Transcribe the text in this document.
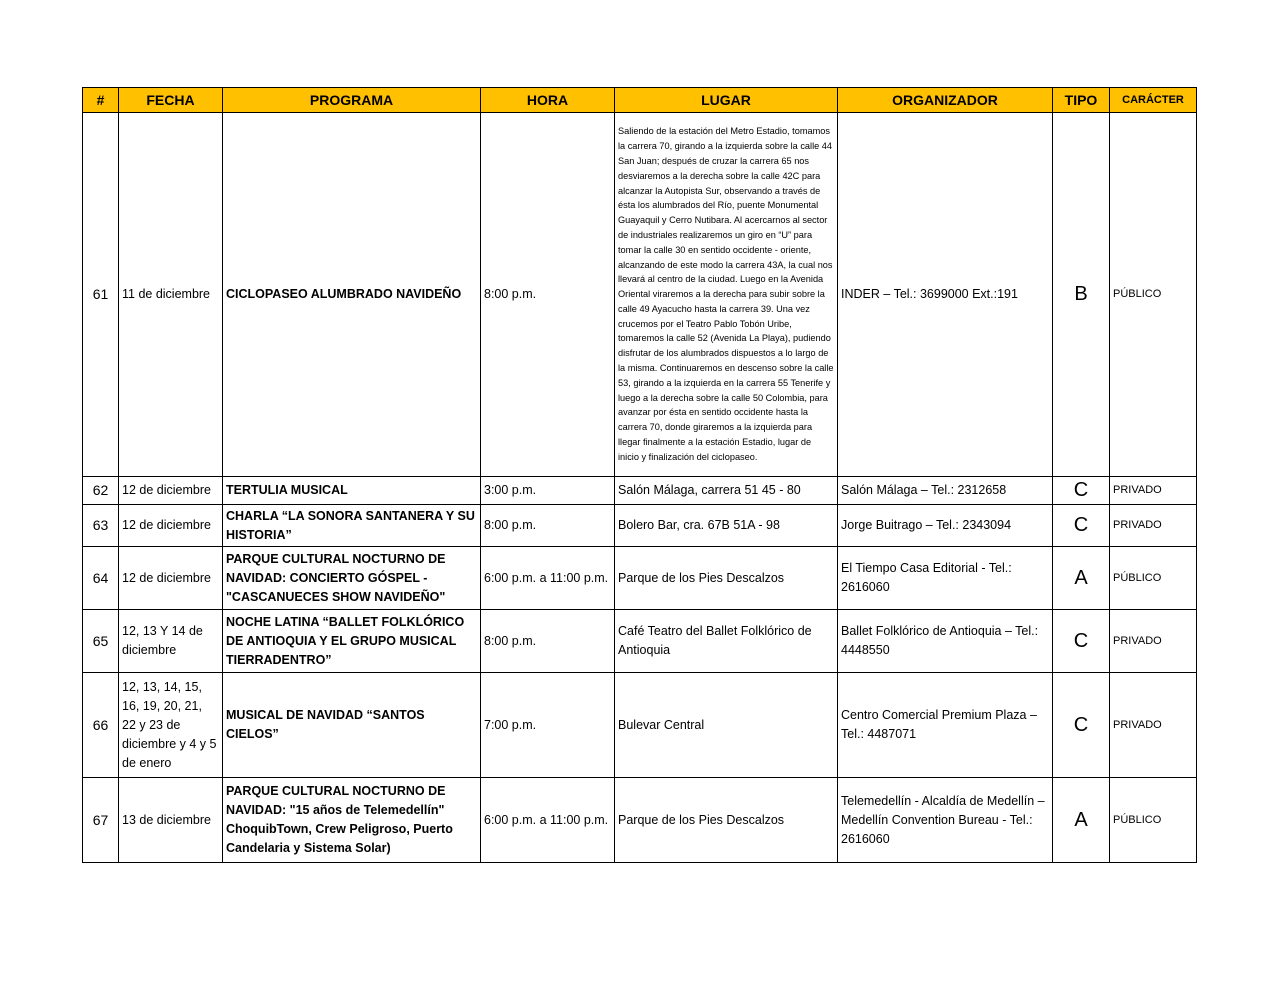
#	FECHA	PROGRAMA	HORA	LUGAR	ORGANIZADOR	TIPO	CARÁCTER
61	11 de diciembre	CICLOPASEO ALUMBRADO NAVIDEÑO	8:00 p.m.	Saliendo de la estación del Metro Estadio, tomamos la carrera 70, girando a la izquierda sobre la calle 44 San Juan; después de cruzar la carrera 65 nos desviaremos a la derecha sobre la calle 42C para alcanzar la Autopista Sur, observando a través de ésta los alumbrados del Río, puente Monumental Guayaquil y Cerro Nutibara. Al acercarnos al sector de industriales realizaremos un giro en “U” para tomar la calle 30 en sentido occidente - oriente, alcanzando de este modo la carrera 43A, la cual nos llevará al centro de la ciudad. Luego en la Avenida Oriental viraremos a la derecha para subir sobre la calle 49 Ayacucho hasta la carrera 39. Una vez crucemos por el Teatro Pablo Tobón Uribe, tomaremos la calle 52 (Avenida La Playa), pudiendo disfrutar de los alumbrados dispuestos a lo largo de la misma. Continuaremos en descenso sobre la calle 53, girando a la izquierda en la carrera 55 Tenerife y luego a la derecha sobre la calle 50 Colombia, para avanzar por ésta en sentido occidente hasta la carrera 70, donde giraremos a la izquierda para llegar finalmente a la estación Estadio, lugar de inicio y finalización del ciclopaseo.	INDER – Tel.: 3699000 Ext.:191	B	PÚBLICO
62	12 de diciembre	TERTULIA MUSICAL	3:00 p.m.	Salón Málaga, carrera 51 45 - 80	Salón Málaga – Tel.: 2312658	C	PRIVADO
63	12 de diciembre	CHARLA “LA SONORA SANTANERA Y SU HISTORIA”	8:00 p.m.	Bolero Bar, cra. 67B 51A - 98	Jorge Buitrago – Tel.: 2343094	C	PRIVADO
64	12 de diciembre	PARQUE CULTURAL NOCTURNO DE NAVIDAD: CONCIERTO GÓSPEL - "CASCANUECES SHOW NAVIDEÑO"	6:00 p.m. a 11:00 p.m.	Parque de los Pies Descalzos	El Tiempo Casa Editorial - Tel.: 2616060	A	PÚBLICO
65	12, 13 Y 14 de diciembre	NOCHE LATINA “BALLET FOLKLÓRICO DE ANTIOQUIA Y EL GRUPO MUSICAL TIERRADENTRO”	8:00 p.m.	Café Teatro del Ballet Folklórico de Antioquia	Ballet Folklórico de Antioquia – Tel.: 4448550	C	PRIVADO
66	12, 13, 14, 15, 16, 19, 20, 21, 22 y 23 de diciembre y 4 y 5 de enero	MUSICAL DE NAVIDAD “SANTOS CIELOS”	7:00 p.m.	Bulevar Central	Centro Comercial Premium Plaza – Tel.: 4487071	C	PRIVADO
67	13 de diciembre	PARQUE CULTURAL NOCTURNO DE NAVIDAD: "15 años de Telemedellín" ChoquibTown, Crew Peligroso, Puerto Candelaria y Sistema Solar)	6:00 p.m. a 11:00 p.m.	Parque de los Pies Descalzos	Telemedellín - Alcaldía de Medellín – Medellín Convention Bureau - Tel.: 2616060	A	PÚBLICO
